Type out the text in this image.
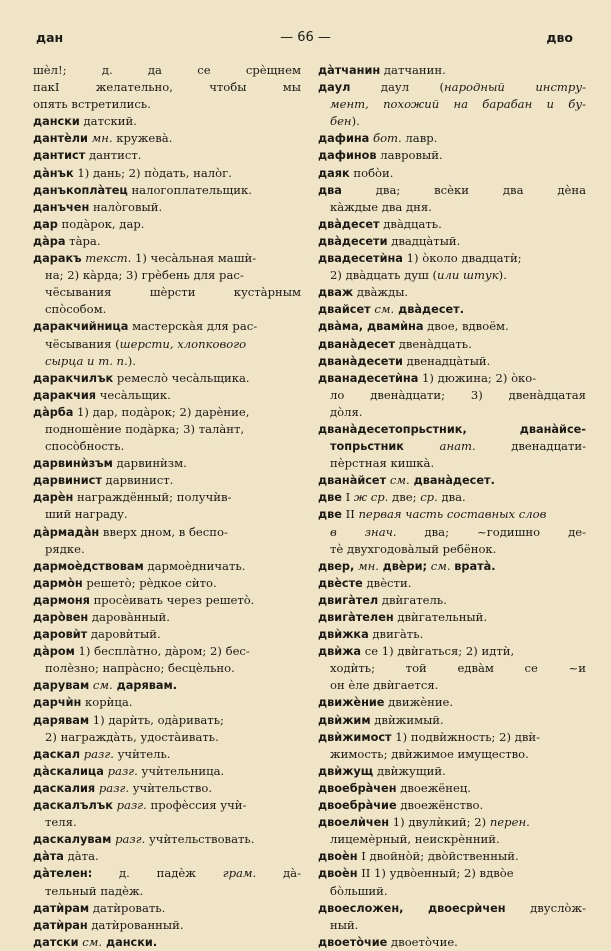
дан	— 66 —	дво
шѐл!; д. да се срѐщнем
пакІ желательно, чтобы мы
опять встретились.
дански датский.
дантѐли мн. кружевà.
дантист дантист.
дàнък 1) дань; 2) пòдать, налòг.
данъкоплàтец налогоплательщик.
данъчен налòговый.
дар подàрок, дар.
дàра тàра.
даракъ текст. 1) чесàльная машѝ-
на; 2) кàрда; 3) грѐбень для рас-
чёсывания шѐрсти кустàрным
спòсобом.
даракчийница мастерскàя для рас-
чёсывания (шерсти, хлопкового
сырца и т. п.).
даракчилък ремеслò чесàльщика.
даракчия чесàльщик.
дàрба 1) дар, подàрок; 2) дарѐние,
подношѐние подàрка; 3) талàнт,
спосòбность.
дарвинѝзъм дарвинѝзм.
дарвинист дарвинист.
дарѐн награждённый; получѝв-
ший награду.
дàрмадàн вверх дном, в беспо-
рядке.
дармоѐдствовам дармоѐдничать.
дармòн решетò; рѐдкое сѝто.
дармоня просѐивать через решетò.
дарòвен даровàнный.
даровѝт даровѝтый.
дàром 1) бесплàтно, дàром; 2) бес-
полѐзно; напрàсно; бесцѐльно.
дарувам см. дарявам.
дарчѝн корѝца.
дарявам 1) дарѝть, одàривать;
2) награждàть, удостàивать.
даскал разг. учѝтель.
дàскалица разг. учѝтельница.
даскалия разг. учѝтельство.
даскалълък разг. профѐссия учѝ-
теля.
даскалувам разг. учѝтельствовать.
дàта дàта.
дàтелен: д. падѐж грам. дà-
тельный падѐж.
датѝрам датѝровать.
датѝран датѝрованный.
датски см. дански.
дàтчанин датчанин.
даул даул (народный инстру-
мент, похожий на барабан и бу-
бен).
дафина бот. лавр.
дафинов лавровый.
даяк побòи.
два два; всѐки два дѐна
кàждые два дня.
двàдесет двàдцать.
двàдесети двадцàтый.
двадесетѝна 1) òколо двадцатѝ;
2) двàдцать душ (или штук).
дваж двàжды.
двайсет см. двàдесет.
двàма, двамѝна двое, вдвоём.
дванàдесет двенàдцать.
дванàдесети двенадцàтый.
дванадесетѝна 1) дюжина; 2) òко-
ло двенàдцати; 3) двенàдцатая
дòля.
дванàдесетопрьстник,	дванàйсе-
топрьстник анат. двенадцати-
пѐрстная кишкà.
дванàйсет см. дванàдесет.
две I ж ср. две; ср. два.
две II первая часть составных слов
в знач. два; ~годишно де-
тѐ двухгодовàлый ребёнок.
двер, мн. двѐри; см. вратà.
двѐсте двѐсти.
двигàтел двѝгатель.
двигàтелен двѝгательный.
двѝжка двигàть.
двѝжа се 1) двѝгаться; 2) идтѝ,
ходѝть; той едвàм се ~и
он ѐле двѝгается.
движѐние движѐние.
двѝжим двѝжимый.
двѝжимост 1) подвѝжность; 2) двѝ-
жимость; двѝжимое имущество.
двѝжущ двѝжущий.
двоебрàчен двоежёнец.
двоебрàчие двоежёнство.
двоелѝчен 1) двулѝкий; 2) перен.
лицемѐрный, неискрѐнний.
двоѐн I двойнòй; двòйственный.
двоѐн II 1) удвòенный; 2) вдвòе
бòльший.
двоесложен, двоесрѝчен двуслòж-
ный.
двоетòчие двоетòчие.
